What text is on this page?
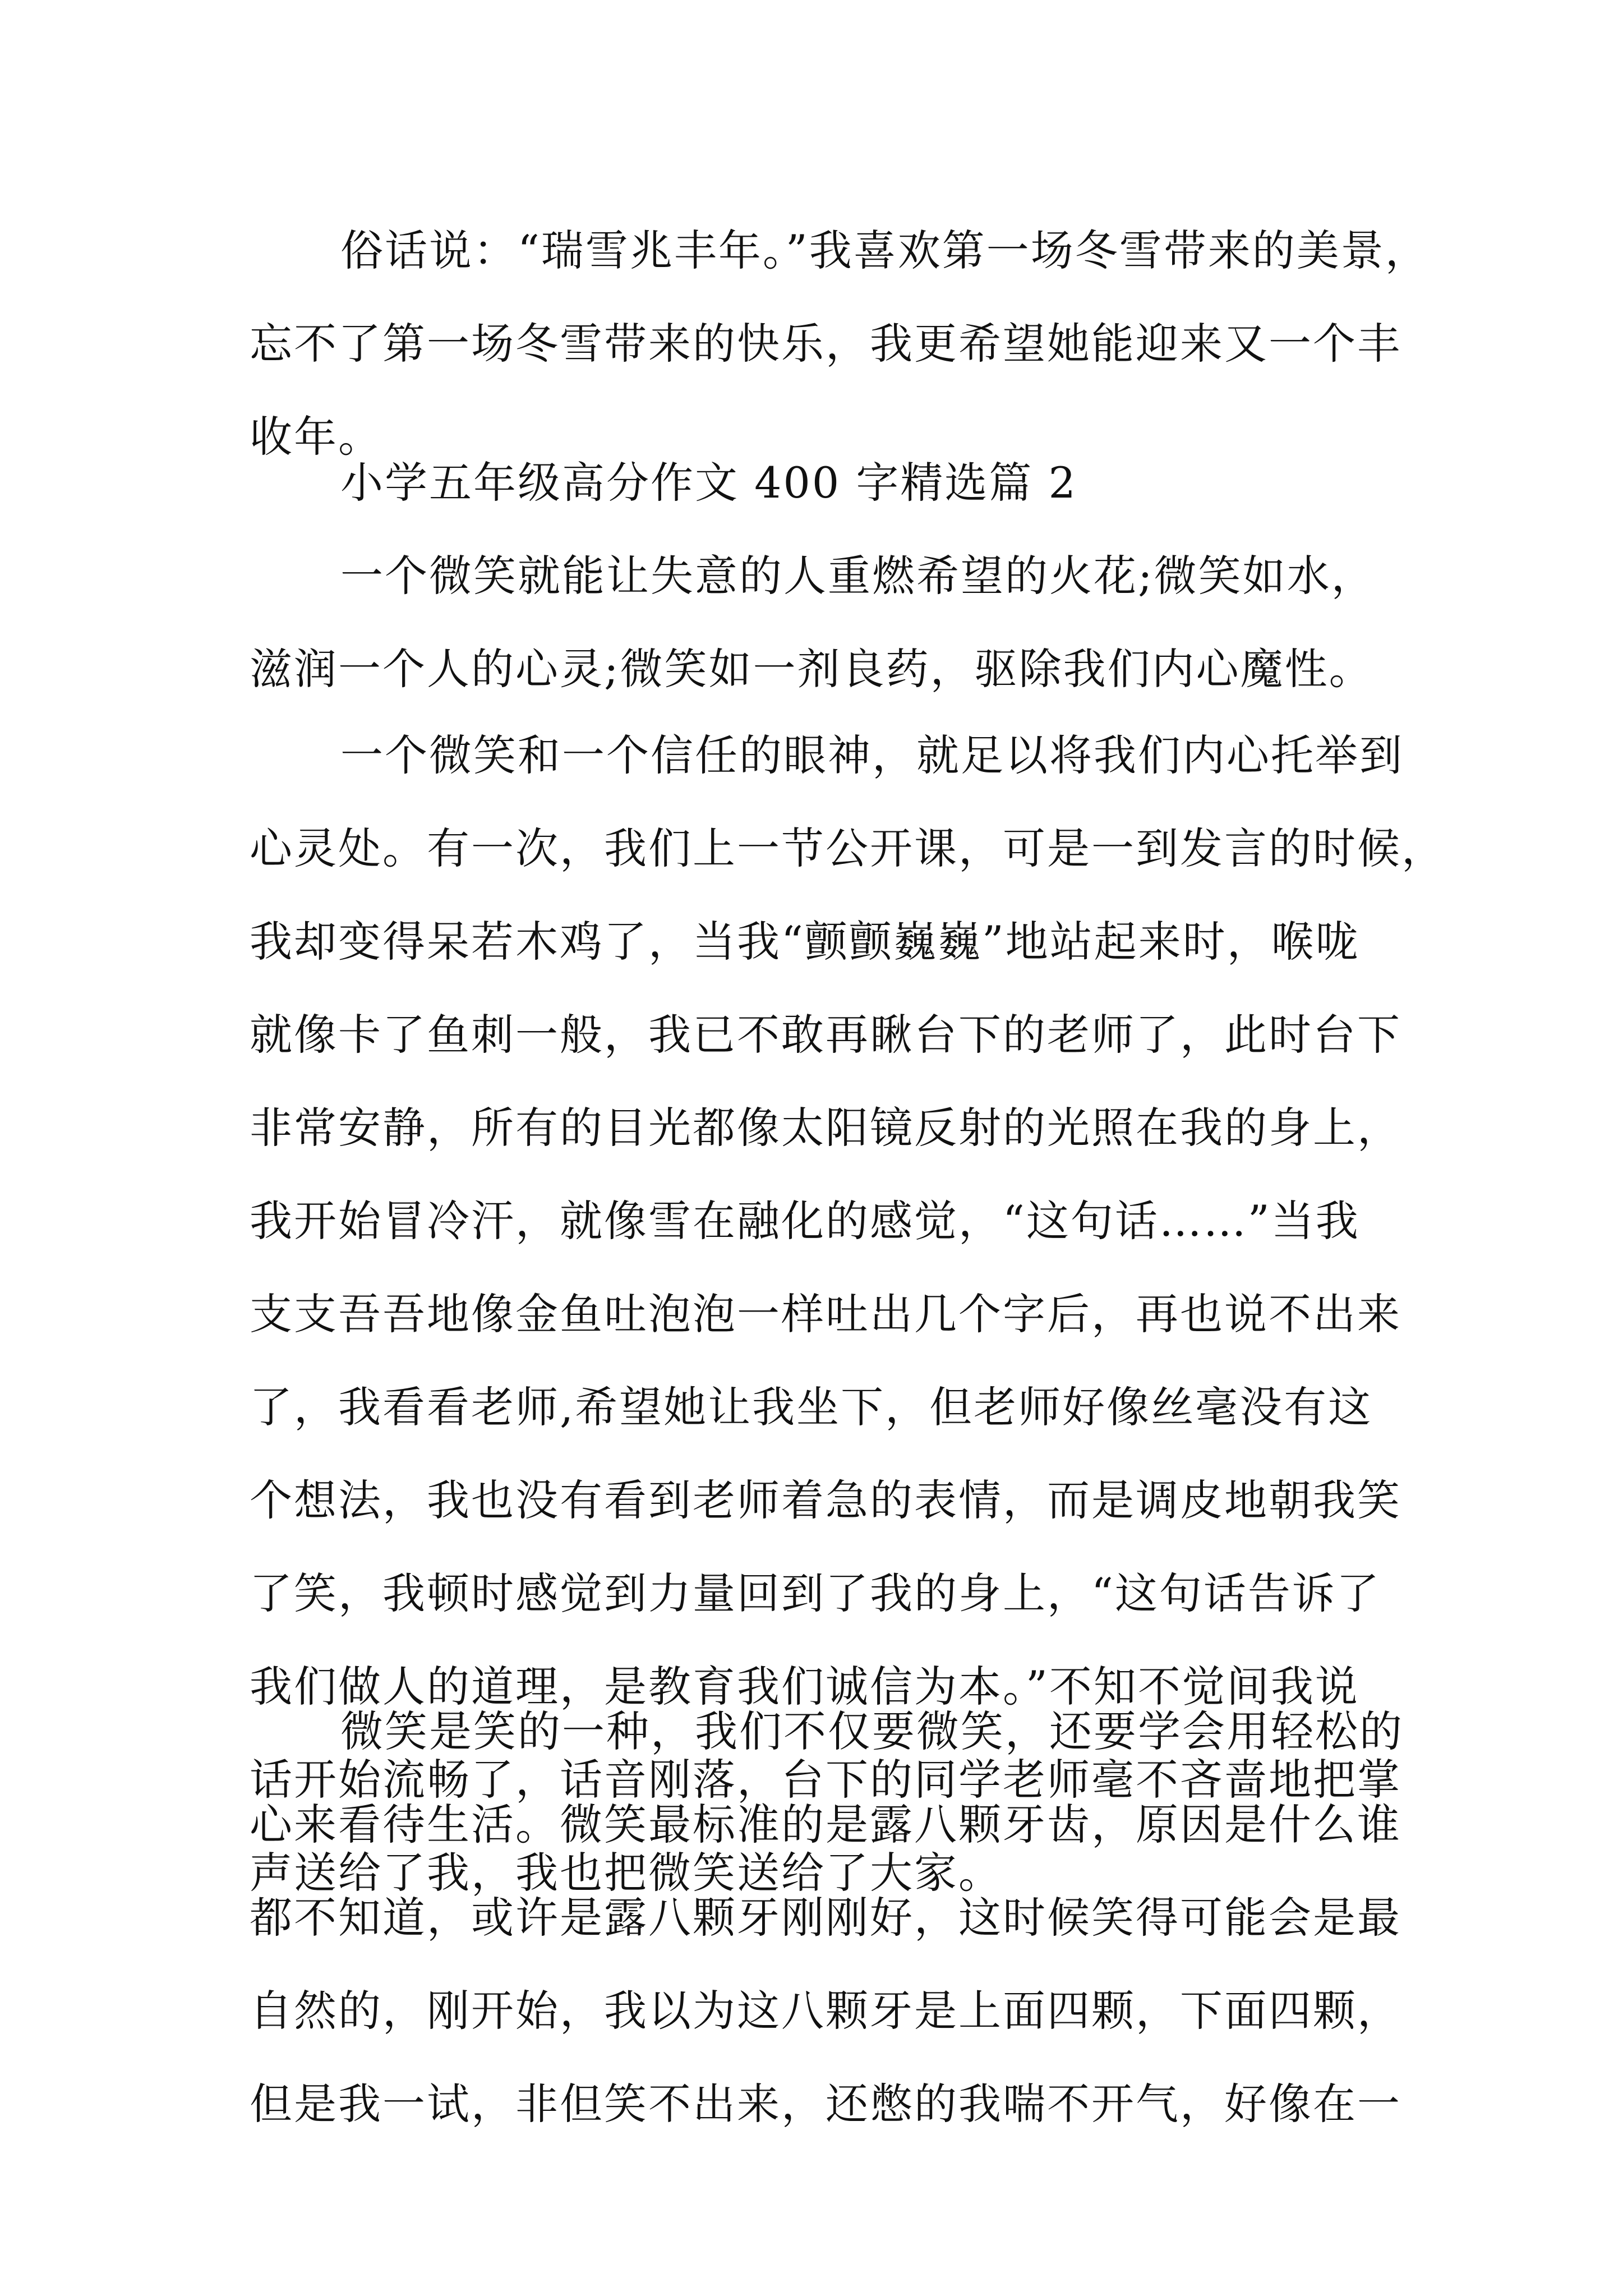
俗话说：“瑞雪兆丰年。”我喜欢第一场冬雪带来的美景，
忘不了第一场冬雪带来的快乐，我更希望她能迎来又一个丰
收年。
小学五年级高分作文 400 字精选篇 2
一个微笑就能让失意的人重燃希望的火花;微笑如水，
滋润一个人的心灵;微笑如一剂良药，驱除我们内心魔性。
一个微笑和一个信任的眼神，就足以将我们内心托举到
心灵处。有一次，我们上一节公开课，可是一到发言的时候，
我却变得呆若木鸡了，当我“颤颤巍巍”地站起来时，喉咙
就像卡了鱼刺一般，我已不敢再瞅台下的老师了，此时台下
非常安静，所有的目光都像太阳镜反射的光照在我的身上，
我开始冒冷汗，就像雪在融化的感觉，“这句话……”当我
支支吾吾地像金鱼吐泡泡一样吐出几个字后，再也说不出来
了，我看看老师,希望她让我坐下，但老师好像丝毫没有这
个想法，我也没有看到老师着急的表情，而是调皮地朝我笑
了笑，我顿时感觉到力量回到了我的身上，“这句话告诉了
我们做人的道理，是教育我们诚信为本。”不知不觉间我说
话开始流畅了，话音刚落，台下的同学老师毫不吝啬地把掌
声送给了我，我也把微笑送给了大家。
微笑是笑的一种，我们不仅要微笑，还要学会用轻松的
心来看待生活。微笑最标准的是露八颗牙齿，原因是什么谁
都不知道，或许是露八颗牙刚刚好，这时候笑得可能会是最
自然的，刚开始，我以为这八颗牙是上面四颗，下面四颗，
但是我一试，非但笑不出来，还憋的我喘不开气，好像在一
